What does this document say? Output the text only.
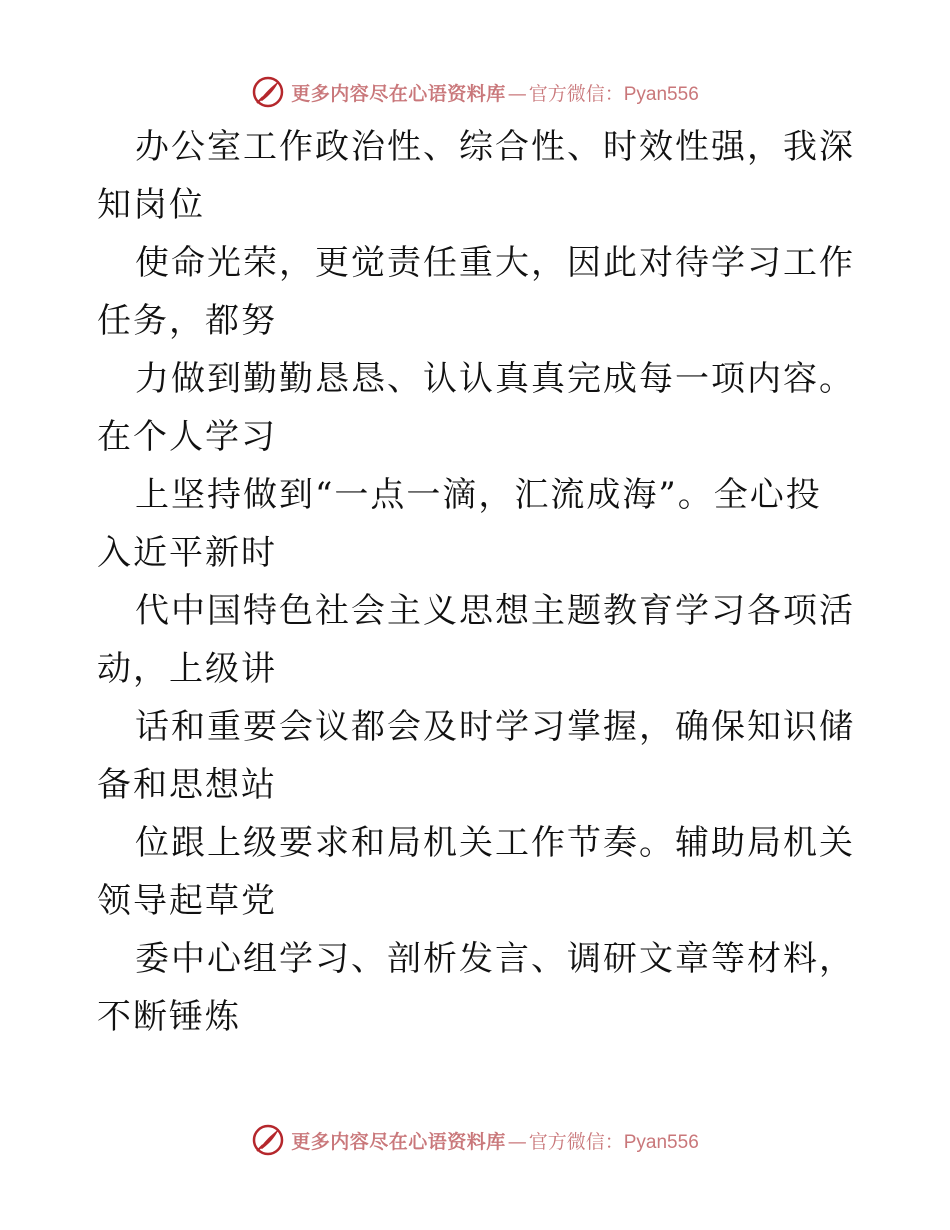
更多内容尽在心语资料库 — 官方微信： Pyan556

办公室工作政治性、综合性、时效性强，我深知岗位

使命光荣，更觉责任重大，因此对待学习工作任务，都努

力做到勤勤恳恳、认认真真完成每一项内容。在个人学习

上坚持做到“一点一滴，汇流成海”。全心投入近平新时

代中国特色社会主义思想主题教育学习各项活动，上级讲

话和重要会议都会及时学习掌握，确保知识储备和思想站

位跟上级要求和局机关工作节奏。辅助局机关领导起草党

委中心组学习、剖析发言、调研文章等材料，不断锤炼

更多内容尽在心语资料库 — 官方微信： Pyan556
